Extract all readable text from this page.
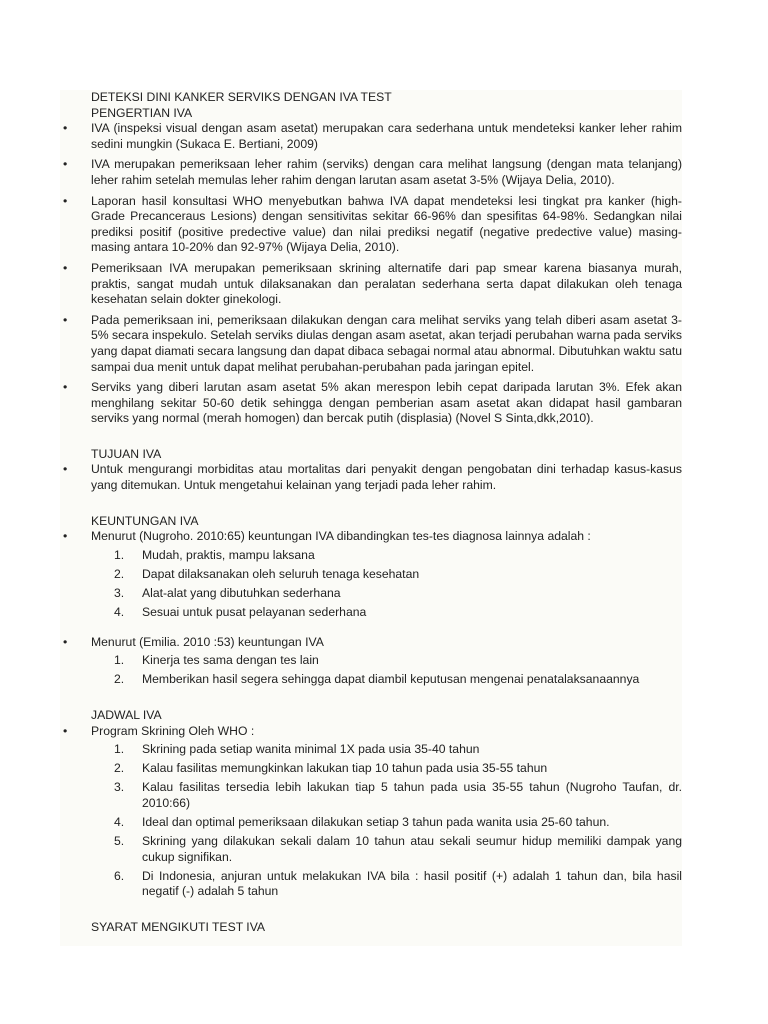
DETEKSI DINI KANKER SERVIKS DENGAN IVA TEST

PENGERTIAN IVA

• IVA (inspeksi visual dengan asam asetat) merupakan cara sederhana untuk mendeteksi kanker leher rahim sedini mungkin (Sukaca E. Bertiani, 2009)

• IVA merupakan pemeriksaan leher rahim (serviks) dengan cara melihat langsung (dengan mata telanjang) leher rahim setelah memulas leher rahim dengan larutan asam asetat 3-5% (Wijaya Delia, 2010).

• Laporan hasil konsultasi WHO menyebutkan bahwa IVA dapat mendeteksi lesi tingkat pra kanker (high-Grade Precanceraus Lesions) dengan sensitivitas sekitar 66-96% dan spesifitas 64-98%. Sedangkan nilai prediksi positif (positive predective value) dan nilai prediksi negatif (negative predective value) masing-masing antara 10-20% dan 92-97% (Wijaya Delia, 2010).

• Pemeriksaan IVA merupakan pemeriksaan skrining alternatife dari pap smear karena biasanya murah, praktis, sangat mudah untuk dilaksanakan dan peralatan sederhana serta dapat dilakukan oleh tenaga kesehatan selain dokter ginekologi.

• Pada pemeriksaan ini, pemeriksaan dilakukan dengan cara melihat serviks yang telah diberi asam asetat 3-5% secara inspekulo. Setelah serviks diulas dengan asam asetat, akan terjadi perubahan warna pada serviks yang dapat diamati secara langsung dan dapat dibaca sebagai normal atau abnormal. Dibutuhkan waktu satu sampai dua menit untuk dapat melihat perubahan-perubahan pada jaringan epitel.

• Serviks yang diberi larutan asam asetat 5% akan merespon lebih cepat daripada larutan 3%. Efek akan menghilang sekitar 50-60 detik sehingga dengan pemberian asam asetat akan didapat hasil gambaran serviks yang normal (merah homogen) dan bercak putih (displasia) (Novel S Sinta,dkk,2010).

TUJUAN IVA

• Untuk mengurangi morbiditas atau mortalitas dari penyakit dengan pengobatan dini terhadap kasus-kasus yang ditemukan. Untuk mengetahui kelainan yang terjadi pada leher rahim.

KEUNTUNGAN IVA

• Menurut (Nugroho. 2010:65) keuntungan IVA dibandingkan tes-tes diagnosa lainnya adalah :
1. Mudah, praktis, mampu laksana
2. Dapat dilaksanakan oleh seluruh tenaga kesehatan
3. Alat-alat yang dibutuhkan sederhana
4. Sesuai untuk pusat pelayanan sederhana
• Menurut (Emilia. 2010 :53) keuntungan IVA
1. Kinerja tes sama dengan tes lain
2. Memberikan hasil segera sehingga dapat diambil keputusan mengenai penatalaksanaannya

JADWAL IVA

• Program Skrining Oleh WHO :
1. Skrining pada setiap wanita minimal 1X pada usia 35-40 tahun
2. Kalau fasilitas memungkinkan lakukan tiap 10 tahun pada usia 35-55 tahun
3. Kalau fasilitas tersedia lebih lakukan tiap 5 tahun pada usia 35-55 tahun (Nugroho Taufan, dr. 2010:66)
4. Ideal dan optimal pemeriksaan dilakukan setiap 3 tahun pada wanita usia 25-60 tahun.
5. Skrining yang dilakukan sekali dalam 10 tahun atau sekali seumur hidup memiliki dampak yang cukup signifikan.
6. Di Indonesia, anjuran untuk melakukan IVA bila : hasil positif (+) adalah 1 tahun dan, bila hasil negatif (-) adalah 5 tahun

SYARAT MENGIKUTI TEST IVA
